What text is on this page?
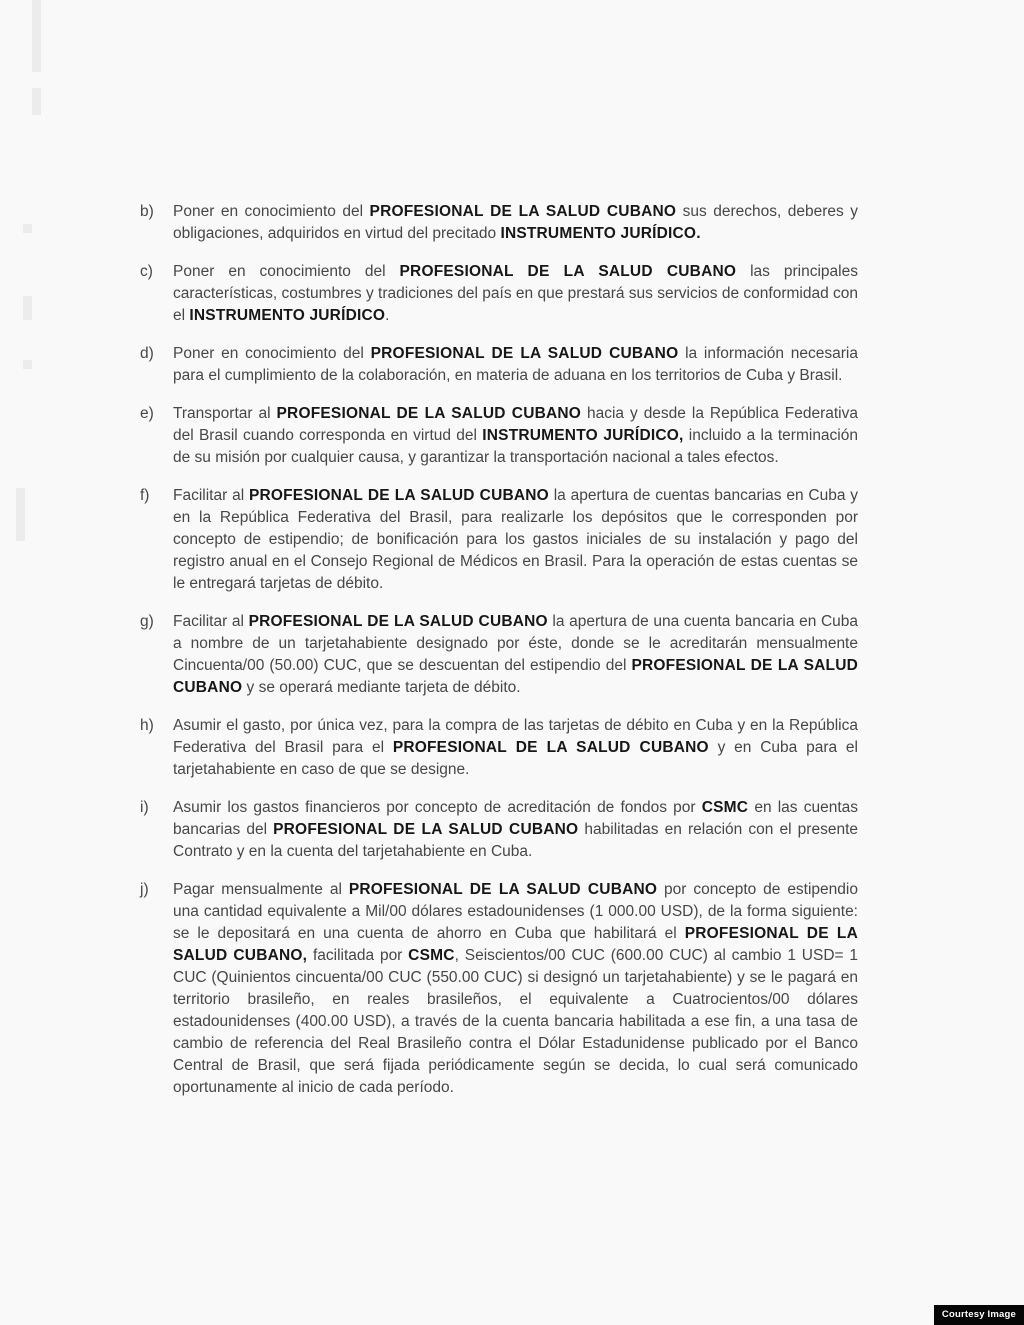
b)	Poner en conocimiento del PROFESIONAL DE LA SALUD CUBANO sus derechos, deberes y obligaciones, adquiridos en virtud del precitado INSTRUMENTO JURÍDICO.
c)	Poner en conocimiento del PROFESIONAL DE LA SALUD CUBANO las principales características, costumbres y tradiciones del país en que prestará sus servicios de conformidad con el INSTRUMENTO JURÍDICO.
d)	Poner en conocimiento del PROFESIONAL DE LA SALUD CUBANO la información necesaria para el cumplimiento de la colaboración, en materia de aduana en los territorios de Cuba y Brasil.
e)	Transportar al PROFESIONAL DE LA SALUD CUBANO hacia y desde la República Federativa del Brasil cuando corresponda en virtud del INSTRUMENTO JURÍDICO, incluido a la terminación de su misión por cualquier causa, y garantizar la transportación nacional a tales efectos.
f)	Facilitar al PROFESIONAL DE LA SALUD CUBANO la apertura de cuentas bancarias en Cuba y en la República Federativa del Brasil, para realizarle los depósitos que le corresponden por concepto de estipendio; de bonificación para los gastos iniciales de su instalación y pago del registro anual en el Consejo Regional de Médicos en Brasil. Para la operación de estas cuentas se le entregará tarjetas de débito.
g)	Facilitar al PROFESIONAL DE LA SALUD CUBANO la apertura de una cuenta bancaria en Cuba a nombre de un tarjetahabiente designado por éste, donde se le acreditarán mensualmente Cincuenta/00 (50.00) CUC, que se descuentan del estipendio del PROFESIONAL DE LA SALUD CUBANO y se operará mediante tarjeta de débito.
h)	Asumir el gasto, por única vez, para la compra de las tarjetas de débito en Cuba y en la República Federativa del Brasil para el PROFESIONAL DE LA SALUD CUBANO y en Cuba para el tarjetahabiente en caso de que se designe.
i)	Asumir los gastos financieros por concepto de acreditación de fondos por CSMC en las cuentas bancarias del PROFESIONAL DE LA SALUD CUBANO habilitadas en relación con el presente Contrato y en la cuenta del tarjetahabiente en Cuba.
j)	Pagar mensualmente al PROFESIONAL DE LA SALUD CUBANO por concepto de estipendio una cantidad equivalente a Mil/00 dólares estadounidenses (1 000.00 USD), de la forma siguiente: se le depositará en una cuenta de ahorro en Cuba que habilitará el PROFESIONAL DE LA SALUD CUBANO, facilitada por CSMC, Seiscientos/00 CUC (600.00 CUC) al cambio 1 USD= 1 CUC (Quinientos cincuenta/00 CUC (550.00 CUC) si designó un tarjetahabiente) y se le pagará en territorio brasileño, en reales brasileños, el equivalente a Cuatrocientos/00 dólares estadounidenses (400.00 USD), a través de la cuenta bancaria habilitada a ese fin, a una tasa de cambio de referencia del Real Brasileño contra el Dólar Estadunidense publicado por el Banco Central de Brasil, que será fijada periódicamente según se decida, lo cual será comunicado oportunamente al inicio de cada período.
Courtesy Image
